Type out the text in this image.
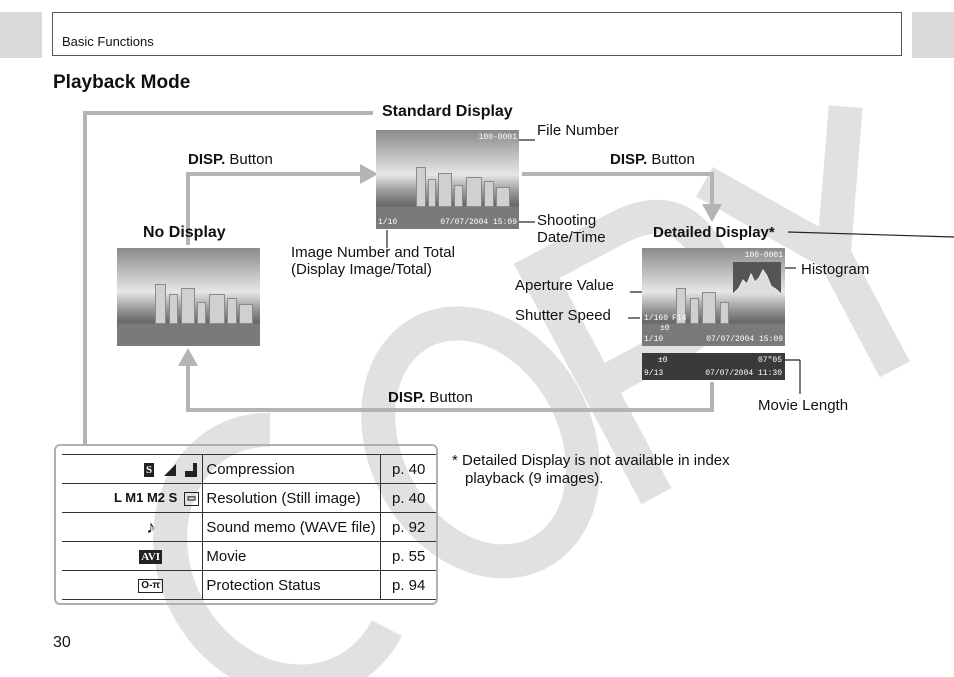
Basic Functions
Playback Mode
Standard Display
No Display	Detailed Display*
DISP. Button	DISP. Button
DISP. Button
File Number
Shooting
Date/Time
Image Number and Total
(Display Image/Total)	Histogram
Aperture Value
Shutter Speed
Movie Length
100-0001
1/10	07/07/2004 15:09
100-0001
1/160 F14
±0
1/10	07/07/2004 15:09
±0	07"05
9/13	07/07/2004 11:30
S	Compression	p. 40
L M1 M2 S ▭	Resolution (Still image)	p. 40
♪	Sound memo (WAVE file)	p. 92
AVI	Movie	p. 55
O-π	Protection Status	p. 94
* Detailed Display is not available in index
playback (9 images).
30
